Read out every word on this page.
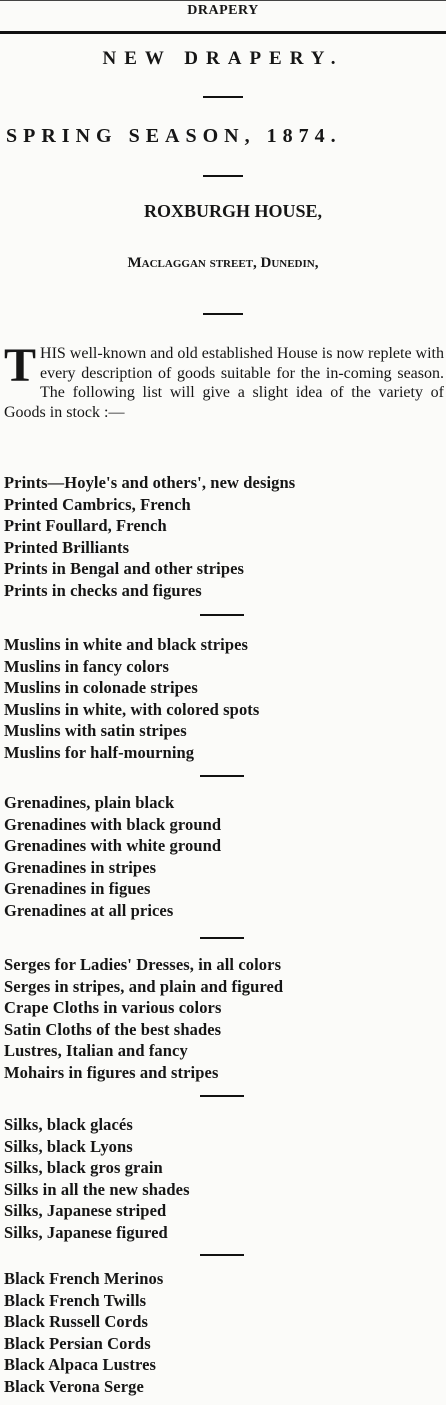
DRAPERY
NEW DRAPERY.
SPRING SEASON, 1874.
ROXBURGH HOUSE,
Maclaggan street, Dunedin,
THIS well-known and old established House is now replete with every description of goods suitable for the in-coming season. The following list will give a slight idea of the variety of Goods in stock :—
Prints—Hoyle's and others', new designs
Printed Cambrics, French
Print Foullard, French
Printed Brilliants
Prints in Bengal and other stripes
Prints in checks and figures
Muslins in white and black stripes
Muslins in fancy colors
Muslins in colonade stripes
Muslins in white, with colored spots
Muslins with satin stripes
Muslins for half-mourning
Grenadines, plain black
Grenadines with black ground
Grenadines with white ground
Grenadines in stripes
Grenadines in figues
Grenadines at all prices
Serges for Ladies' Dresses, in all colors
Serges in stripes, and plain and figured
Crape Cloths in various colors
Satin Cloths of the best shades
Lustres, Italian and fancy
Mohairs in figures and stripes
Silks, black glacés
Silks, black Lyons
Silks, black gros grain
Silks in all the new shades
Silks, Japanese striped
Silks, Japanese figured
Black French Merinos
Black French Twills
Black Russell Cords
Black Persian Cords
Black Alpaca Lustres
Black Verona Serge
